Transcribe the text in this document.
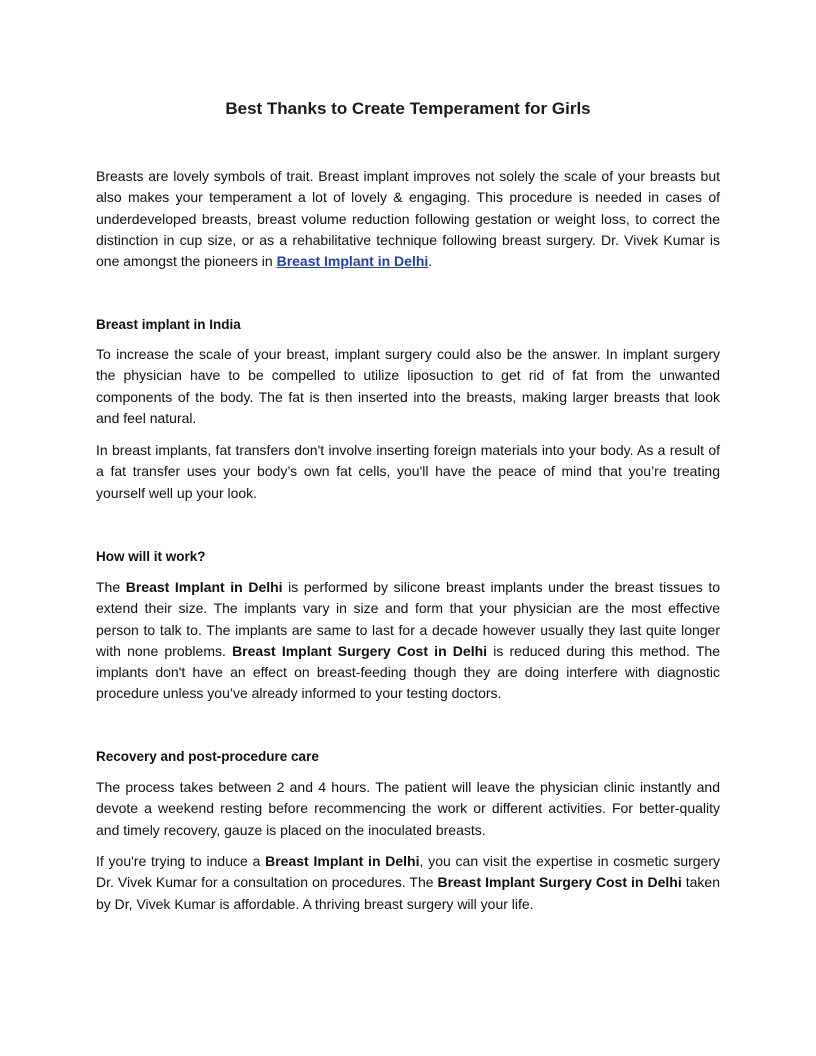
Best Thanks to Create Temperament for Girls

Breasts are lovely symbols of trait. Breast implant improves not solely the scale of your breasts but also makes your temperament a lot of lovely & engaging. This procedure is needed in cases of underdeveloped breasts, breast volume reduction following gestation or weight loss, to correct the distinction in cup size, or as a rehabilitative technique following breast surgery. Dr. Vivek Kumar is one amongst the pioneers in Breast Implant in Delhi.

Breast implant in India

To increase the scale of your breast, implant surgery could also be the answer. In implant surgery the physician have to be compelled to utilize liposuction to get rid of fat from the unwanted components of the body. The fat is then inserted into the breasts, making larger breasts that look and feel natural.

In breast implants, fat transfers don't involve inserting foreign materials into your body. As a result of a fat transfer uses your body’s own fat cells, you'll have the peace of mind that you’re treating yourself well up your look.

How will it work?

The Breast Implant in Delhi is performed by silicone breast implants under the breast tissues to extend their size. The implants vary in size and form that your physician are the most effective person to talk to. The implants are same to last for a decade however usually they last quite longer with none problems. Breast Implant Surgery Cost in Delhi is reduced during this method. The implants don't have an effect on breast-feeding though they are doing interfere with diagnostic procedure unless you’ve already informed to your testing doctors.

Recovery and post-procedure care

The process takes between 2 and 4 hours. The patient will leave the physician clinic instantly and devote a weekend resting before recommencing the work or different activities. For better-quality and timely recovery, gauze is placed on the inoculated breasts.

If you're trying to induce a Breast Implant in Delhi, you can visit the expertise in cosmetic surgery Dr. Vivek Kumar for a consultation on procedures. The Breast Implant Surgery Cost in Delhi taken by Dr, Vivek Kumar is affordable. A thriving breast surgery will your life.
